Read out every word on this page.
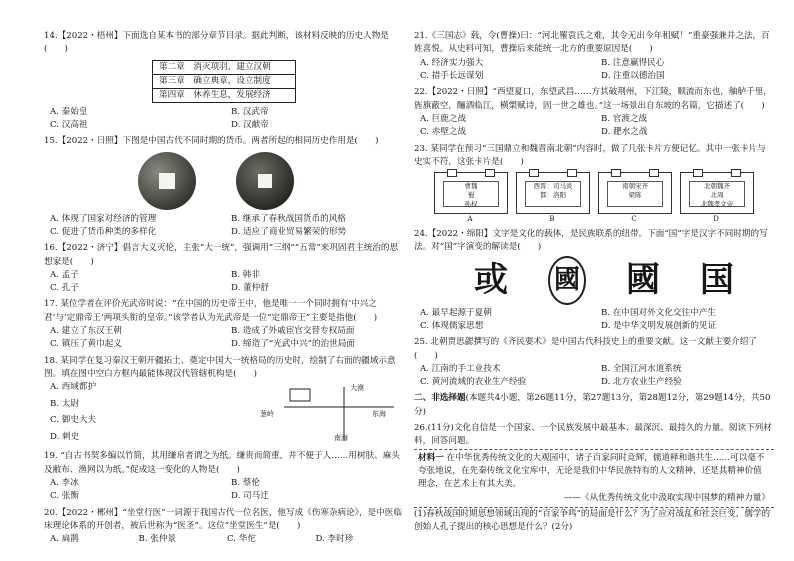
14.【2022・梧州】下面选自某本书的部分章节目录。据此判断，该材料反映的历史人物是(　　)
第二章　消灭项羽，建立汉朝
第三章　确立典章，设立制度
第四章　休养生息，发展经济
A. 秦始皇	B. 汉武帝
C. 汉高祖	D. 汉献帝
15.【2022・日照】下图是中国古代不同时期的货币。两者所起的相同历史作用是(　　)
A. 体现了国家对经济的管理	B. 继承了春秋战国货币的风格
C. 促进了货币种类的多样化	D. 适应了商业贸易繁荣的形势
16.【2022・济宁】倡言大义灭伦，主张“大一统”，强调用“三纲”“五常”来巩固君主统治的思想家是(　　)
A. 孟子	B. 韩非
C. 孔子	D. 董仲舒
17. 某位学者在评价光武帝时说：“在中国的历史帝王中，他是唯一一个同时拥有‘中兴之君’与‘定鼎帝王’两项头衔的皇帝。”该学者认为光武帝是一位“定鼎帝王”主要是指他(　　)
A. 建立了东汉王朝	B. 造成了外戚宦官交替专权局面
C. 镇压了黄巾起义	D. 缔造了“光武中兴”的治世局面
18. 某同学在复习秦汉王朝开疆拓土、奠定中国大一统格局的历史时，绘制了右面的疆域示意图。填在图中空白方框内最能体现汉代管辖机构是(　　)
A. 西域都护
B. 太尉
C. 御史大夫
D. 刺史
大漠
东海
葱岭
南海
19. “自古书契多编以竹简，其用缣帛者谓之为纸。缣贵而简重，并不便于人……用树肤、麻头及敝布、渔网以为纸。”促成这一变化的人物是(　　)
A. 李冰	B. 蔡伦
C. 张衡	D. 司马迁
20.【2022・郴州】“坐堂行医”一词源于我国古代一位名医，他写成《伤寒杂病论》，是中医临床理论体系的开创者，被后世称为“医圣”。这位“坐堂医生”是(　　)
A. 扁鹊	B. 张仲景	C. 华佗	D. 李时珍
21.《三国志》载，令(曹操)曰：“河北罹袁氏之难，其令无出今年租赋！”重豪强兼并之法，百姓喜悦。从史料可知，曹操后来能统一北方的重要原因是(　　)
A. 经济实力强大	B. 注意赢得民心
C. 措手长远谋划	D. 注重以德治国
22.【2022・日照】“西望夏口，东望武昌……方其破荆州，下江陵，顺流而东也，舳舻千里，旌旗蔽空，酾酒临江，横槊赋诗，固一世之雄也。”这一场景出自东坡的名篇，它描述了(　　)
A. 巨鹿之战	B. 官渡之战
C. 赤壁之战	D. 淝水之战
23. 某同学在预习“三国鼎立和魏晋南北朝”内容时，做了几张卡片方便记忆。其中一张卡片与史实不符，这张卡片是(　　)
曹魏
蜀
孙权
A
西晋：司马炎
都：洛阳
B
南朝宋齐
梁陈
C
北朝魏齐
北周
北魏孝文帝
D
24.【2022・绵阳】文字是文化的载体，是民族联系的纽带。下面“国”字是汉字不同时期的写法。对“国”字演变的解读是(　　)
或 國 國 国
A. 最早起源于夏朝	B. 在中国对外文化交往中产生
C. 体现儒家思想	D. 是中华文明发展创新的见证
25. 北朝贾思勰撰写的《齐民要术》是中国古代科技史上的重要文献。这一文献主要介绍了(　　)
A. 江南的手工业技术	B. 全国江河水道系统
C. 黄河流域的农业生产经验	D. 北方农业生产经验
二、非选择题(本题共4小题，第26题11分，第27题13分，第28题12分，第29题14分，共50分)
26.(11分)文化自信是一个国家、一个民族发展中最基本、最深沉、最持久的力量。阅读下列材料，回答问题。
材料一 在中华优秀传统文化的大观园中，诸子百家同时竞辉，儒道释和谐共生……可以毫不夸张地说，在先秦传统文化宝库中，无论是我们中华民族特有的人文精神，还是其精神价值理念，在艺术上有其大美。
——《从优秀传统文化中汲取实现中国梦的精神力量》
(1)春秋战国时期思想领域出现的“百家争鸣”的局面是什么？为了应对战乱和社会巨变，儒学的创始人孔子提出的核心思想是什么？(2分)
